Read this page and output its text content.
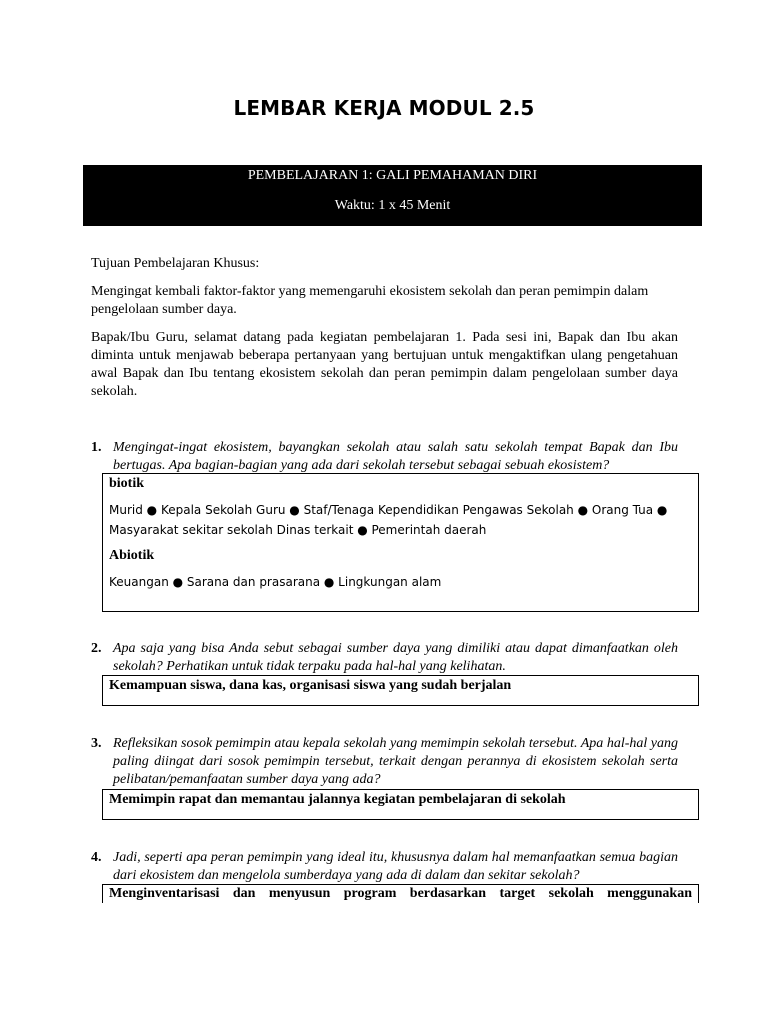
LEMBAR KERJA MODUL 2.5
PEMBELAJARAN 1: GALI PEMAHAMAN DIRI
Waktu: 1 x 45 Menit
Tujuan Pembelajaran Khusus:
Mengingat kembali faktor-faktor yang memengaruhi ekosistem sekolah dan peran pemimpin dalam pengelolaan sumber daya.
Bapak/Ibu Guru, selamat datang pada kegiatan pembelajaran 1. Pada sesi ini, Bapak dan Ibu akan diminta untuk menjawab beberapa pertanyaan yang bertujuan untuk mengaktifkan ulang pengetahuan awal Bapak dan Ibu tentang ekosistem sekolah dan peran pemimpin dalam pengelolaan sumber daya sekolah.
1. Mengingat-ingat ekosistem, bayangkan sekolah atau salah satu sekolah tempat Bapak dan Ibu bertugas. Apa bagian-bagian yang ada dari sekolah tersebut sebagai sebuah ekosistem?
biotik
Murid ● Kepala Sekolah Guru ● Staf/Tenaga Kependidikan Pengawas Sekolah ● Orang Tua ● Masyarakat sekitar sekolah Dinas terkait ● Pemerintah daerah
Abiotik
Keuangan ● Sarana dan prasarana ● Lingkungan alam
2. Apa saja yang bisa Anda sebut sebagai sumber daya yang dimiliki atau dapat dimanfaatkan oleh sekolah? Perhatikan untuk tidak terpaku pada hal-hal yang kelihatan.
Kemampuan siswa, dana kas, organisasi siswa yang sudah berjalan
3. Refleksikan sosok pemimpin atau kepala sekolah yang memimpin sekolah tersebut. Apa hal-hal yang paling diingat dari sosok pemimpin tersebut, terkait dengan perannya di ekosistem sekolah serta pelibatan/pemanfaatan sumber daya yang ada?
Memimpin rapat dan memantau jalannya kegiatan pembelajaran di sekolah
4. Jadi, seperti apa peran pemimpin yang ideal itu, khususnya dalam hal memanfaatkan semua bagian dari ekosistem dan mengelola sumberdaya yang ada di dalam dan sekitar sekolah?
Menginventarisasi dan menyusun program berdasarkan target sekolah menggunakan
